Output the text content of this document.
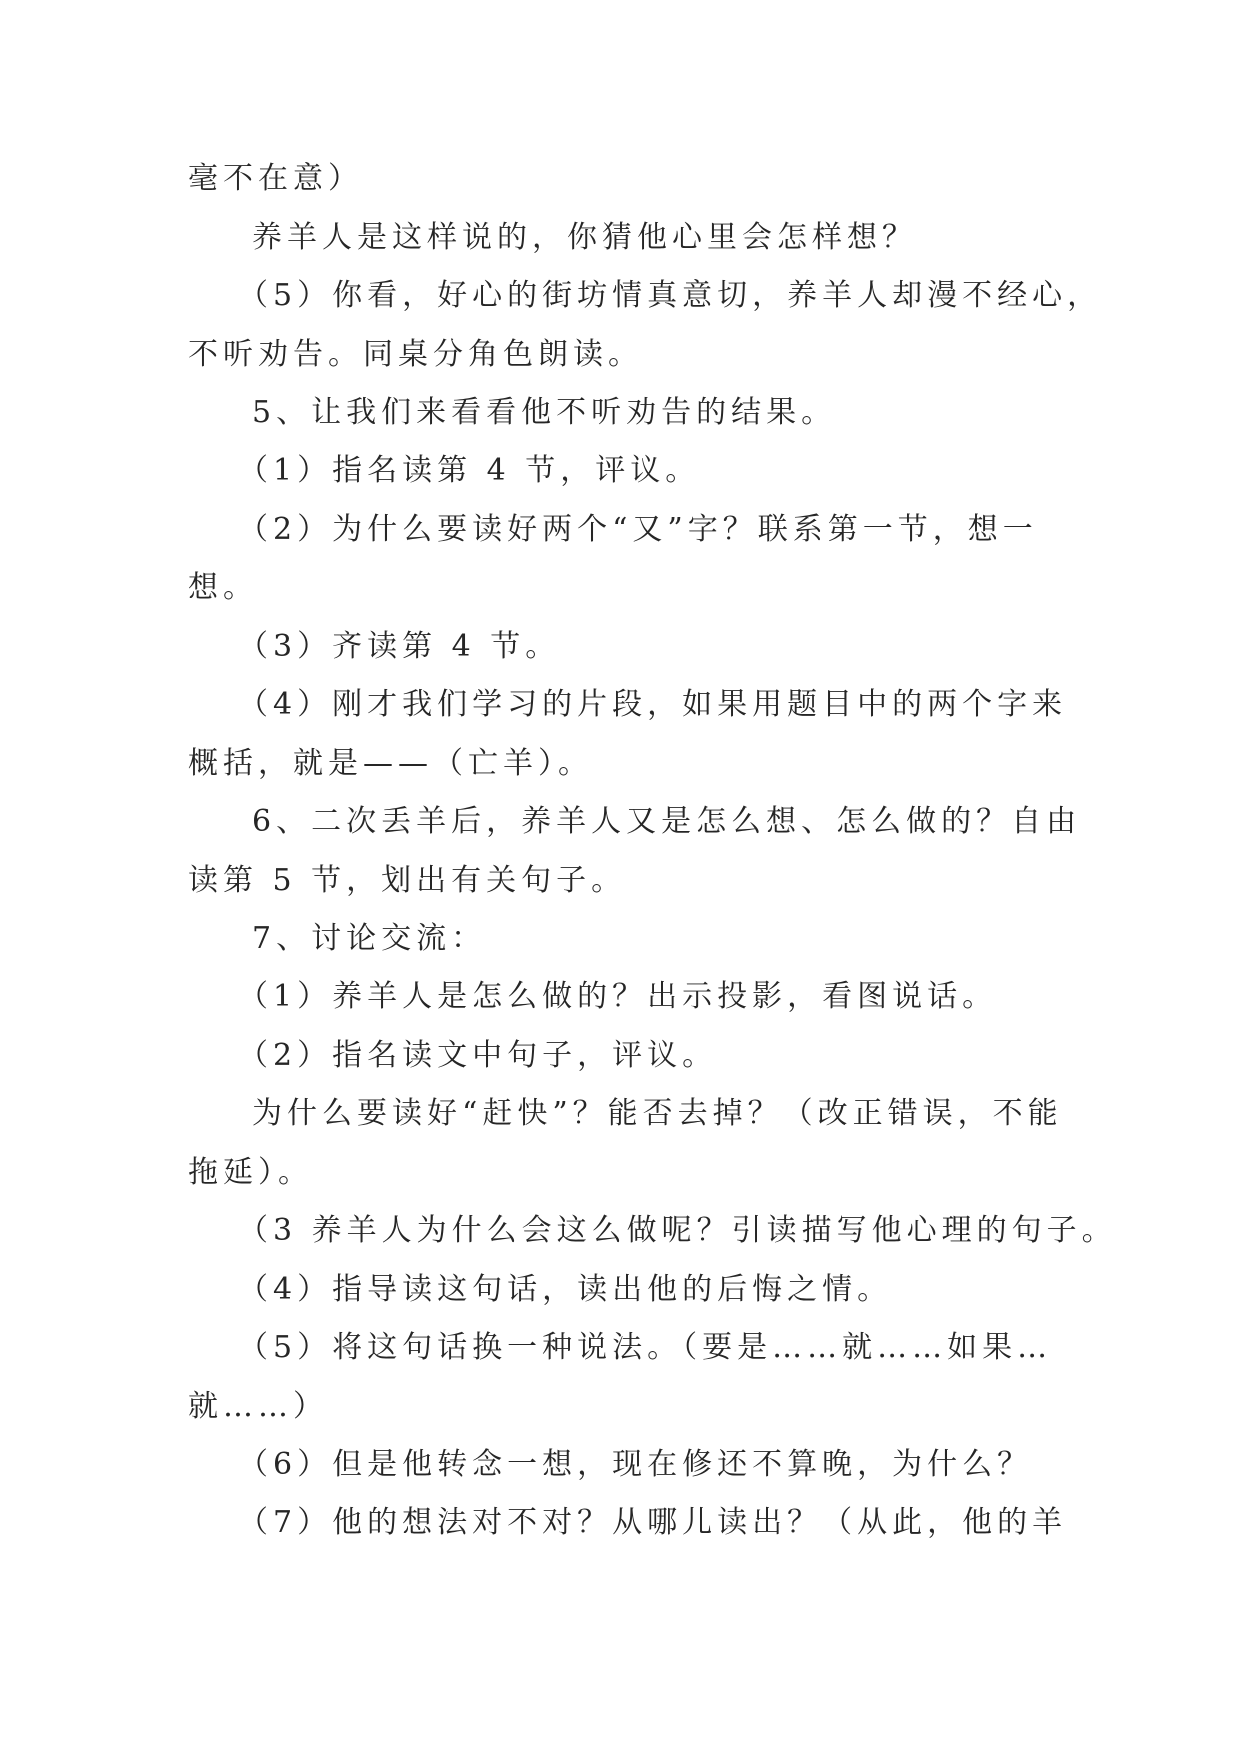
毫不在意）
养羊人是这样说的，你猜他心里会怎样想？
（5）你看，好心的街坊情真意切，养羊人却漫不经心，
不听劝告。同桌分角色朗读。
5、让我们来看看他不听劝告的结果。
（1）指名读第 4 节，评议。
（2）为什么要读好两个“又”字？联系第一节，想一
想。
（3）齐读第 4 节。
（4）刚才我们学习的片段，如果用题目中的两个字来
概括，就是——（亡羊）。
6、二次丢羊后，养羊人又是怎么想、怎么做的？自由
读第 5 节，划出有关句子。
7、讨论交流：
（1）养羊人是怎么做的？出示投影，看图说话。
（2）指名读文中句子，评议。
为什么要读好“赶快”？能否去掉？（改正错误，不能
拖延）。
（3 养羊人为什么会这么做呢？引读描写他心理的句子。
（4）指导读这句话，读出他的后悔之情。
（5）将这句话换一种说法。（要是……就……如果…
就……）
（6）但是他转念一想，现在修还不算晚，为什么？
（7）他的想法对不对？从哪儿读出？（从此，他的羊
